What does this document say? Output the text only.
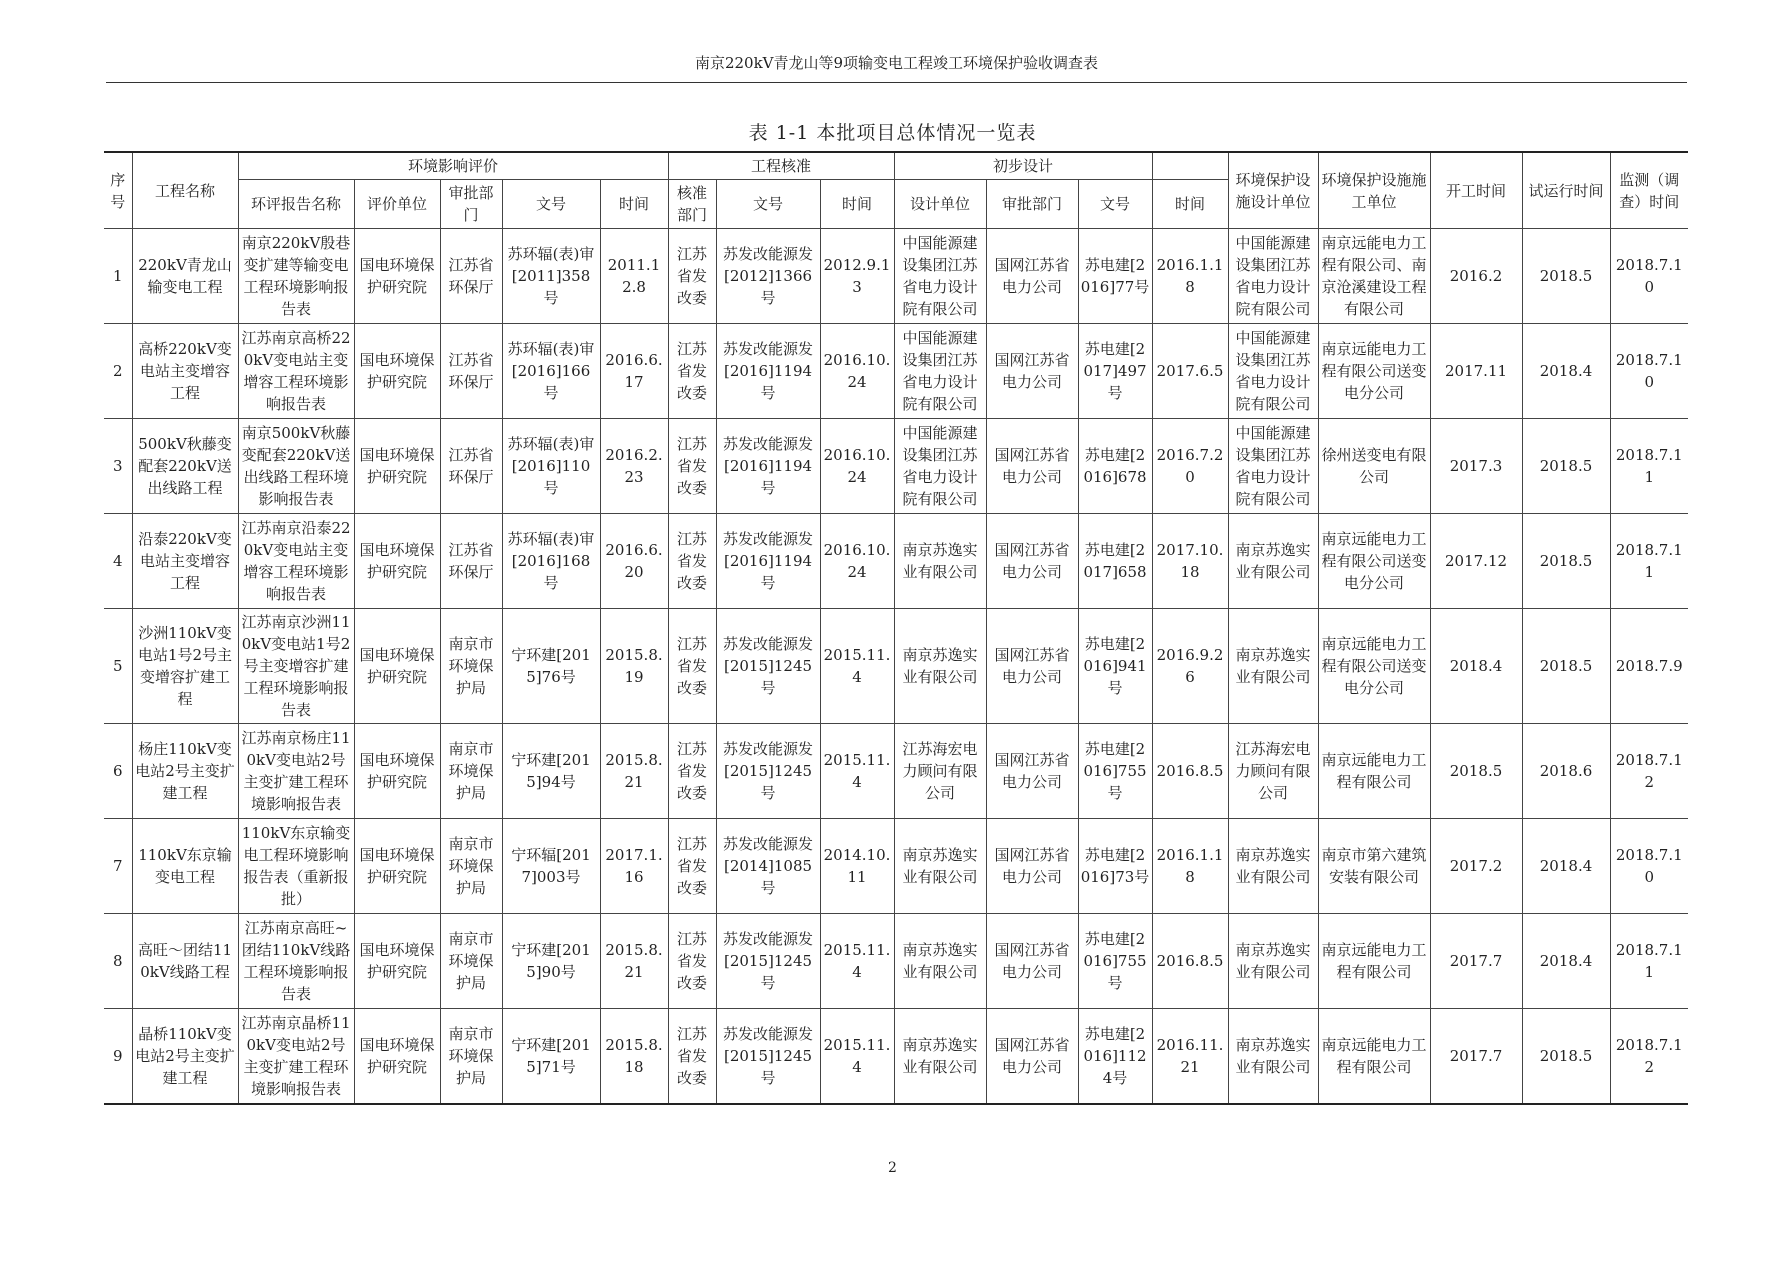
南京220kV青龙山等9项输变电工程竣工环境保护验收调查表
表 1-1 本批项目总体情况一览表
序号	工程名称	环境影响评价					工程核准			初步设计				环境保护设施设计单位	环境保护设施施工单位	开工时间	试运行时间	监测（调查）时间
		环评报告名称	评价单位	审批部门	文号	时间	核准部门	文号	时间	设计单位	审批部门	文号	时间					
1	220kV青龙山输变电工程	南京220kV殷巷变扩建等输变电工程环境影响报告表	国电环境保护研究院	江苏省环保厅	苏环辐(表)审[2011]358号	2011.12.8	江苏省发改委	苏发改能源发[2012]1366号	2012.9.13	中国能源建设集团江苏省电力设计院有限公司	国网江苏省电力公司	苏电建[2016]77号	2016.1.18	中国能源建设集团江苏省电力设计院有限公司	南京远能电力工程有限公司、南京沧溪建设工程有限公司	2016.2	2018.5	2018.7.10
2	高桥220kV变电站主变增容工程	江苏南京高桥220kV变电站主变增容工程环境影响报告表	国电环境保护研究院	江苏省环保厅	苏环辐(表)审[2016]166号	2016.6.17	江苏省发改委	苏发改能源发[2016]1194号	2016.10.24	中国能源建设集团江苏省电力设计院有限公司	国网江苏省电力公司	苏电建[2017]497号	2017.6.5	中国能源建设集团江苏省电力设计院有限公司	南京远能电力工程有限公司送变电分公司	2017.11	2018.4	2018.7.10
3	500kV秋藤变配套220kV送出线路工程	南京500kV秋藤变配套220kV送出线路工程环境影响报告表	国电环境保护研究院	江苏省环保厅	苏环辐(表)审[2016]110号	2016.2.23	江苏省发改委	苏发改能源发[2016]1194号	2016.10.24	中国能源建设集团江苏省电力设计院有限公司	国网江苏省电力公司	苏电建[2016]678	2016.7.20	中国能源建设集团江苏省电力设计院有限公司	徐州送变电有限公司	2017.3	2018.5	2018.7.11
4	沿泰220kV变电站主变增容工程	江苏南京沿泰220kV变电站主变增容工程环境影响报告表	国电环境保护研究院	江苏省环保厅	苏环辐(表)审[2016]168号	2016.6.20	江苏省发改委	苏发改能源发[2016]1194号	2016.10.24	南京苏逸实业有限公司	国网江苏省电力公司	苏电建[2017]658	2017.10.18	南京苏逸实业有限公司	南京远能电力工程有限公司送变电分公司	2017.12	2018.5	2018.7.11
5	沙洲110kV变电站1号2号主变增容扩建工程	江苏南京沙洲110kV变电站1号2号主变增容扩建工程环境影响报告表	国电环境保护研究院	南京市环境保护局	宁环建[2015]76号	2015.8.19	江苏省发改委	苏发改能源发[2015]1245号	2015.11.4	南京苏逸实业有限公司	国网江苏省电力公司	苏电建[2016]941号	2016.9.26	南京苏逸实业有限公司	南京远能电力工程有限公司送变电分公司	2018.4	2018.5	2018.7.9
6	杨庄110kV变电站2号主变扩建工程	江苏南京杨庄110kV变电站2号主变扩建工程环境影响报告表	国电环境保护研究院	南京市环境保护局	宁环建[2015]94号	2015.8.21	江苏省发改委	苏发改能源发[2015]1245号	2015.11.4	江苏海宏电力顾问有限公司	国网江苏省电力公司	苏电建[2016]755号	2016.8.5	江苏海宏电力顾问有限公司	南京远能电力工程有限公司	2018.5	2018.6	2018.7.12
7	110kV东京输变电工程	110kV东京输变电工程环境影响报告表（重新报批）	国电环境保护研究院	南京市环境保护局	宁环辐[2017]003号	2017.1.16	江苏省发改委	苏发改能源发[2014]1085号	2014.10.11	南京苏逸实业有限公司	国网江苏省电力公司	苏电建[2016]73号	2016.1.18	南京苏逸实业有限公司	南京市第六建筑安装有限公司	2017.2	2018.4	2018.7.10
8	高旺～团结110kV线路工程	江苏南京高旺~团结110kV线路工程环境影响报告表	国电环境保护研究院	南京市环境保护局	宁环建[2015]90号	2015.8.21	江苏省发改委	苏发改能源发[2015]1245号	2015.11.4	南京苏逸实业有限公司	国网江苏省电力公司	苏电建[2016]755号	2016.8.5	南京苏逸实业有限公司	南京远能电力工程有限公司	2017.7	2018.4	2018.7.11
9	晶桥110kV变电站2号主变扩建工程	江苏南京晶桥110kV变电站2号主变扩建工程环境影响报告表	国电环境保护研究院	南京市环境保护局	宁环建[2015]71号	2015.8.18	江苏省发改委	苏发改能源发[2015]1245号	2015.11.4	南京苏逸实业有限公司	国网江苏省电力公司	苏电建[2016]1124号	2016.11.21	南京苏逸实业有限公司	南京远能电力工程有限公司	2017.7	2018.5	2018.7.12
2
